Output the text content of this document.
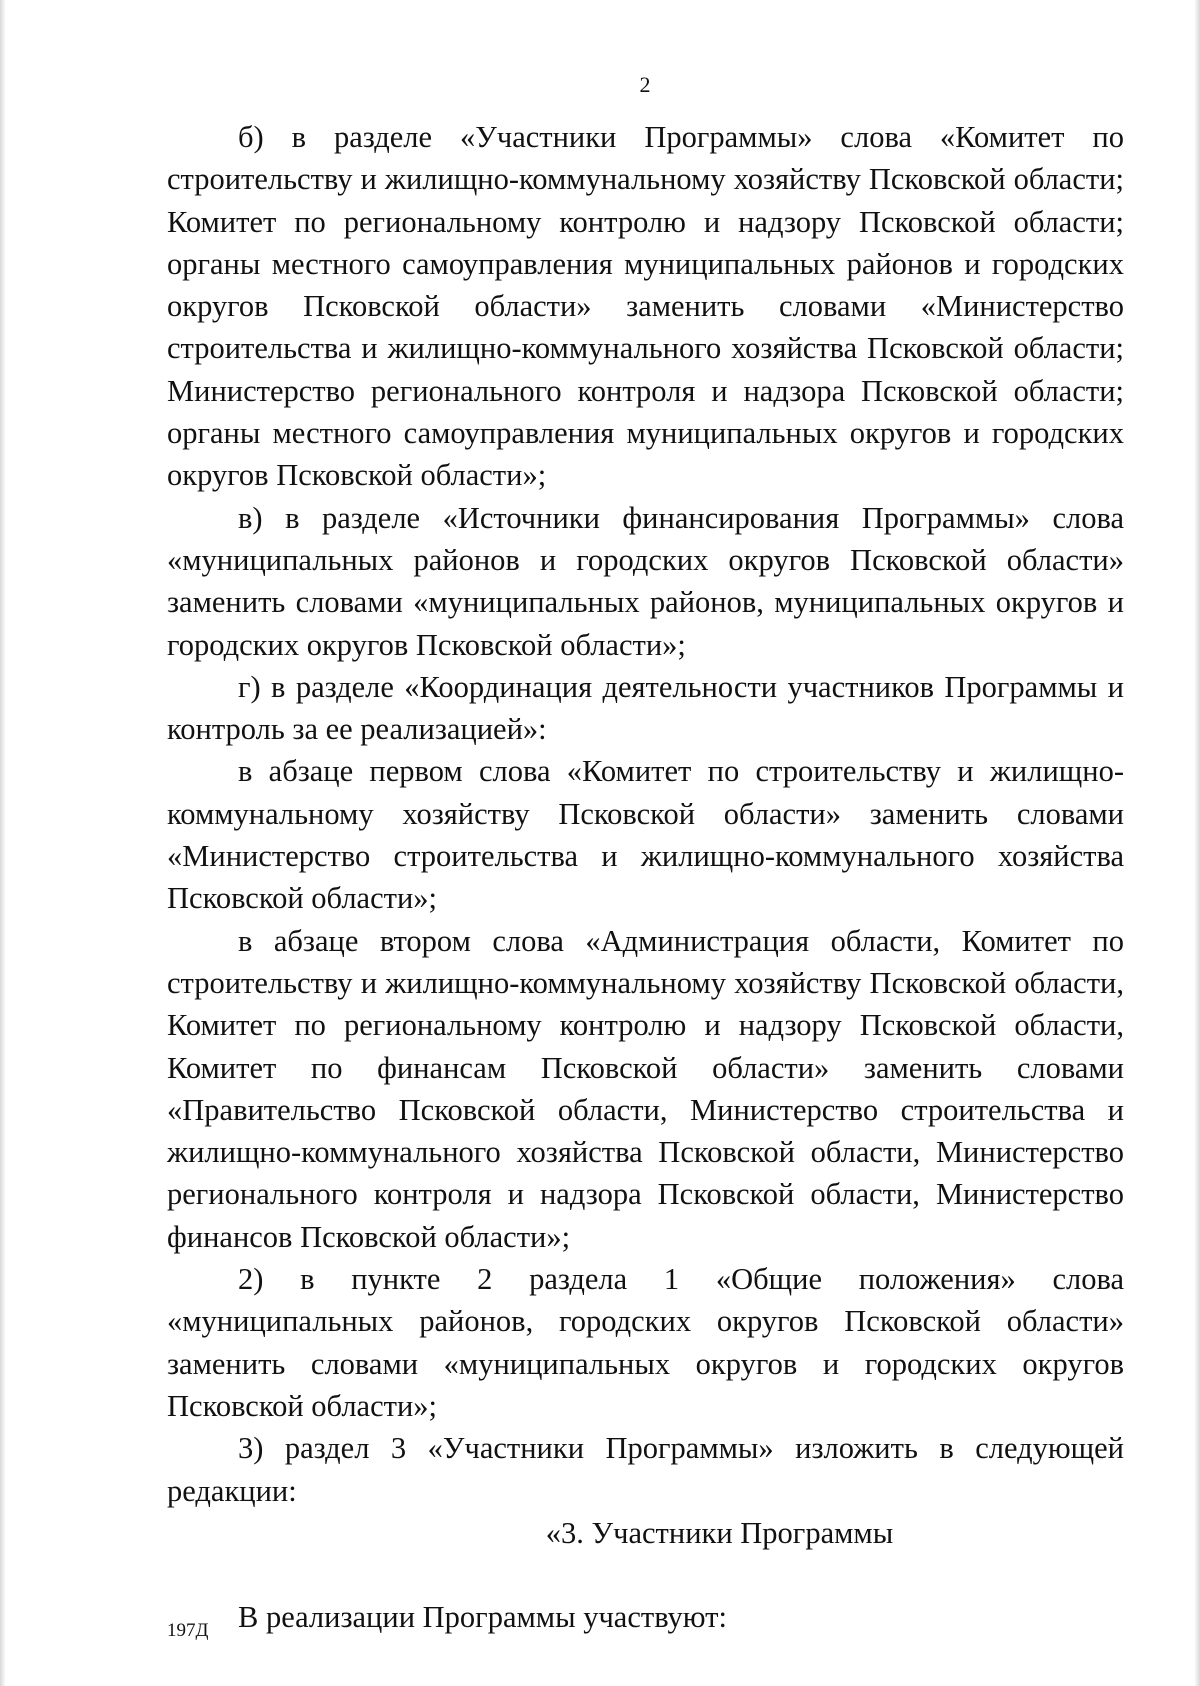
2

б) в разделе «Участники Программы» слова «Комитет по строительству и жилищно-коммунальному хозяйству Псковской области; Комитет по региональному контролю и надзору Псковской области; органы местного самоуправления муниципальных районов и городских округов Псковской области» заменить словами «Министерство строительства и жилищно-коммунального хозяйства Псковской области; Министерство регионального контроля и надзора Псковской области; органы местного самоуправления муниципальных округов и городских округов Псковской области»;

в) в разделе «Источники финансирования Программы» слова «муниципальных районов и городских округов Псковской области» заменить словами «муниципальных районов, муниципальных округов и городских округов Псковской области»;

г) в разделе «Координация деятельности участников Программы и контроль за ее реализацией»:

в абзаце первом слова «Комитет по строительству и жилищно-коммунальному хозяйству Псковской области» заменить словами «Министерство строительства и жилищно-коммунального хозяйства Псковской области»;

в абзаце втором слова «Администрация области, Комитет по строительству и жилищно-коммунальному хозяйству Псковской области, Комитет по региональному контролю и надзору Псковской области, Комитет по финансам Псковской области» заменить словами «Правительство Псковской области, Министерство строительства и жилищно-коммунального хозяйства Псковской области, Министерство регионального контроля и надзора Псковской области, Министерство финансов Псковской области»;

2) в пункте 2 раздела 1 «Общие положения» слова «муниципальных районов, городских округов Псковской области» заменить словами «муниципальных округов и городских округов Псковской области»;

3) раздел 3 «Участники Программы» изложить в следующей редакции:

«3. Участники Программы

В реализации Программы участвуют:

197Д
